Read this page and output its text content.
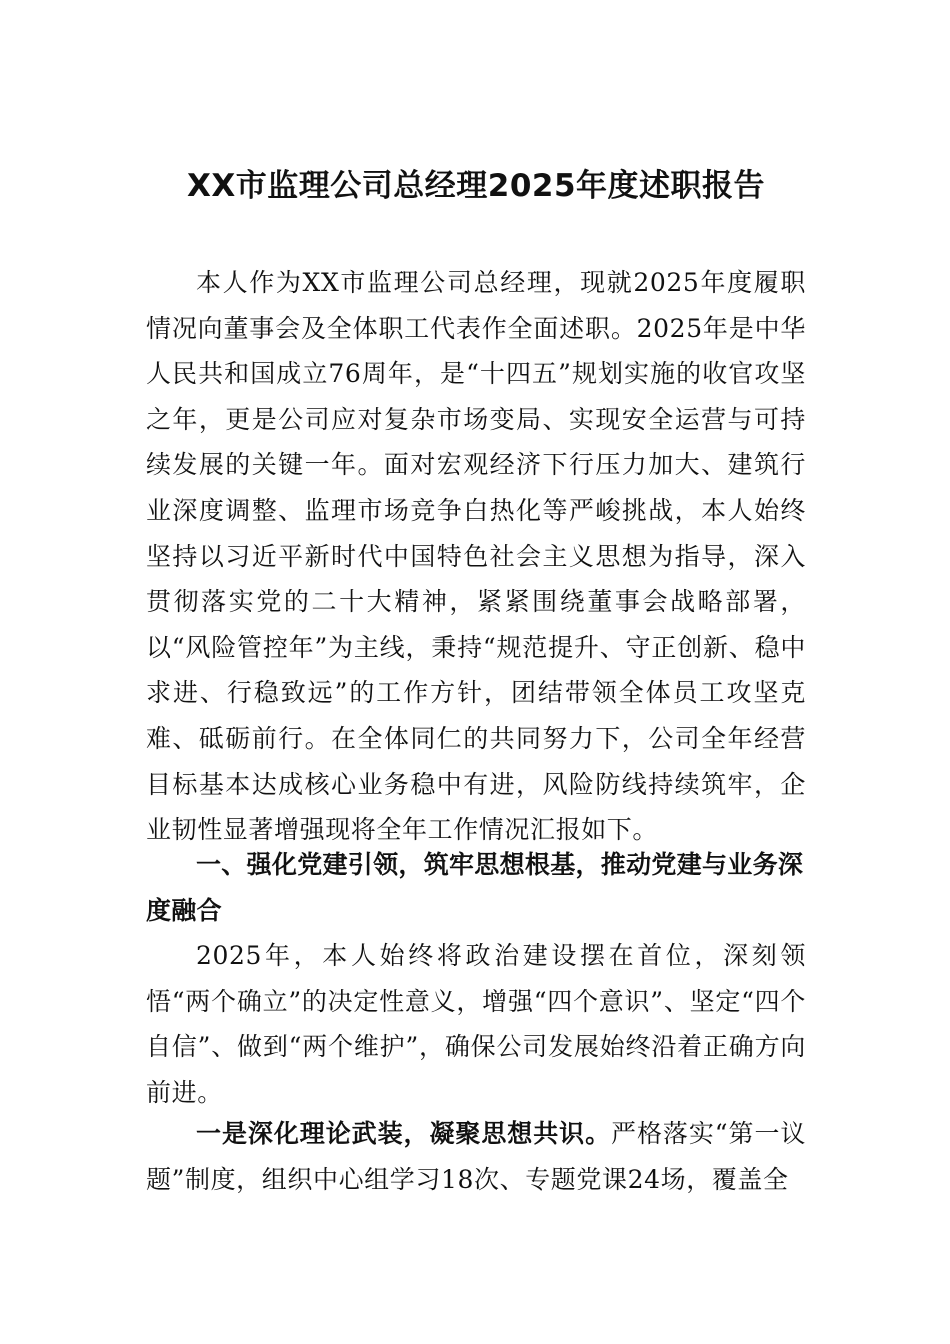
XX市监理公司总经理2025年度述职报告

本人作为XX市监理公司总经理，现就2025年度履职情况向董事会及全体职工代表作全面述职。2025年是中华人民共和国成立76周年，是“十四五”规划实施的收官攻坚之年，更是公司应对复杂市场变局、实现安全运营与可持续发展的关键一年。面对宏观经济下行压力加大、建筑行业深度调整、监理市场竞争白热化等严峻挑战，本人始终坚持以习近平新时代中国特色社会主义思想为指导，深入贯彻落实党的二十大精神，紧紧围绕董事会战略部署，以“风险管控年”为主线，秉持“规范提升、守正创新、稳中求进、行稳致远”的工作方针，团结带领全体员工攻坚克难、砥砺前行。在全体同仁的共同努力下，公司全年经营目标基本达成核心业务稳中有进，风险防线持续筑牢，企业韧性显著增强现将全年工作情况汇报如下。

一、强化党建引领，筑牢思想根基，推动党建与业务深度融合

2025年，本人始终将政治建设摆在首位，深刻领悟“两个确立”的决定性意义，增强“四个意识”、坚定“四个自信”、做到“两个维护”，确保公司发展始终沿着正确方向前进。

一是深化理论武装，凝聚思想共识。严格落实“第一议题”制度，组织中心组学习18次、专题党课24场，覆盖全
